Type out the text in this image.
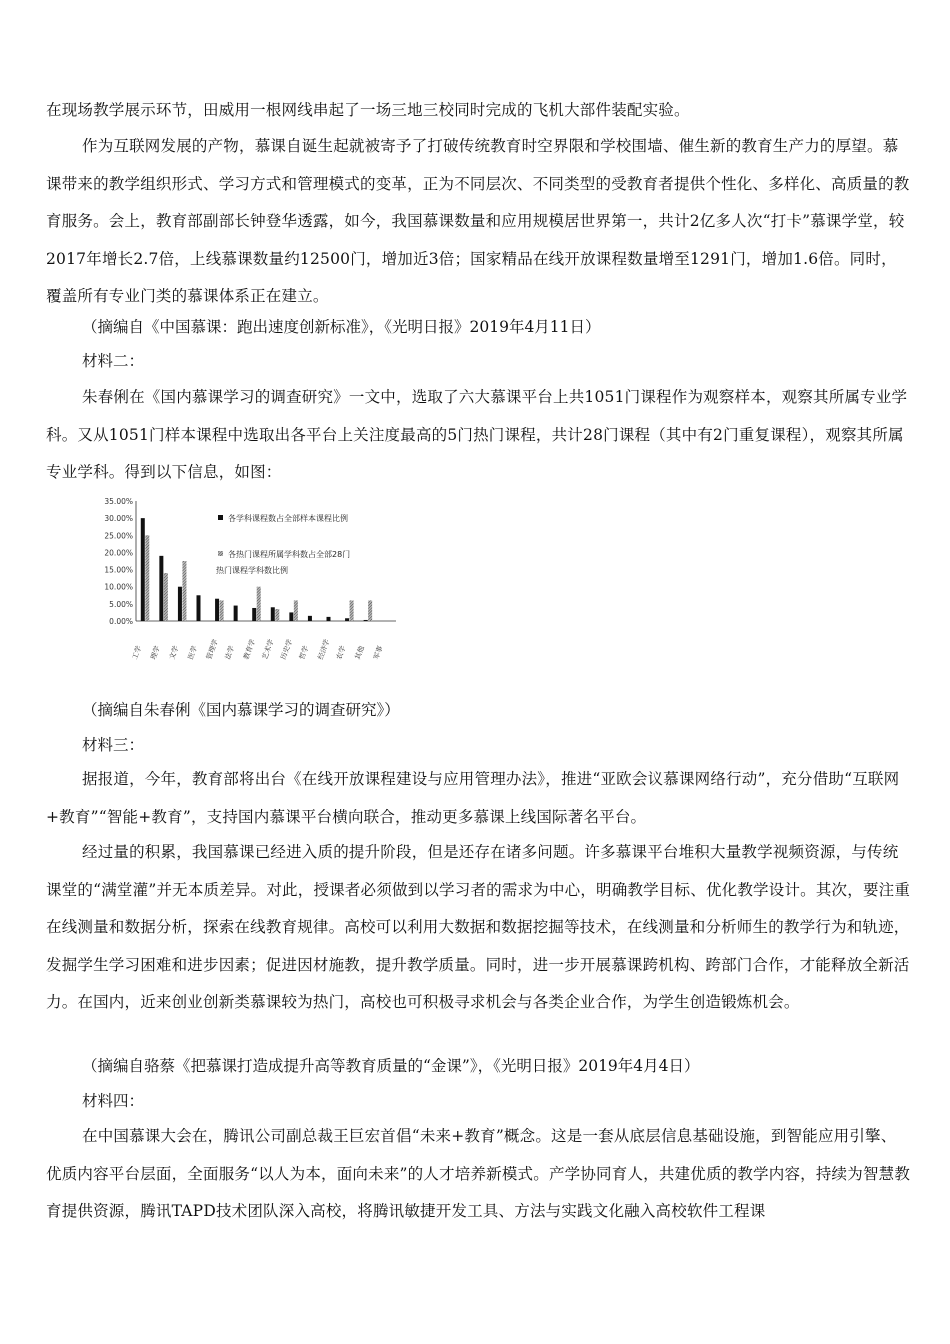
在现场教学展示环节，田威用一根网线串起了一场三地三校同时完成的飞机大部件装配实验。

作为互联网发展的产物，慕课自诞生起就被寄予了打破传统教育时空界限和学校围墙、催生新的教育生产力的厚望。慕课带来的教学组织形式、学习方式和管理模式的变革，正为不同层次、不同类型的受教育者提供个性化、多样化、高质量的教育服务。会上，教育部副部长钟登华透露，如今，我国慕课数量和应用规模居世界第一，共计2亿多人次“打卡”慕课学堂，较2017年增长2.7倍，上线慕课数量约12500门，增加近3倍；国家精品在线开放课程数量增至1291门，增加1.6倍。同时，覆盖所有专业门类的慕课体系正在建立。

（摘编自《中国慕课：跑出速度创新标准》，《光明日报》2019年4月11日）

材料二：

朱春俐在《国内慕课学习的调查研究》一文中，选取了六大慕课平台上共1051门课程作为观察样本，观察其所属专业学科。又从1051门样本课程中选取出各平台上关注度最高的5门热门课程，共计28门课程（其中有2门重复课程），观察其所属专业学科。得到以下信息，如图：

0.00%
5.00%
10.00%
15.00%
20.00%
25.00%
30.00%
35.00%
工学 理学 文学 医学 管理学 法学 教育学 艺术学 历史学 哲学 经济学 农学 其他 军事
各学科课程数占全部样本课程比例
各热门课程所属学科数占全部28门
热门课程学科数比例

（摘编自朱春俐《国内慕课学习的调查研究》）

材料三：

据报道，今年，教育部将出台《在线开放课程建设与应用管理办法》，推进“亚欧会议慕课网络行动”，充分借助“互联网+教育”“智能+教育”，支持国内慕课平台横向联合，推动更多慕课上线国际著名平台。

经过量的积累，我国慕课已经进入质的提升阶段，但是还存在诸多问题。许多慕课平台堆积大量教学视频资源，与传统课堂的“满堂灌”并无本质差异。对此，授课者必须做到以学习者的需求为中心，明确教学目标、优化教学设计。其次，要注重在线测量和数据分析，探索在线教育规律。高校可以利用大数据和数据挖掘等技术，在线测量和分析师生的教学行为和轨迹，发掘学生学习困难和进步因素；促进因材施教，提升教学质量。同时，进一步开展慕课跨机构、跨部门合作，才能释放全新活力。在国内，近来创业创新类慕课较为热门，高校也可积极寻求机会与各类企业合作，为学生创造锻炼机会。

（摘编自骆蔡《把慕课打造成提升高等教育质量的“金课”》，《光明日报》2019年4月4日）

材料四：

在中国慕课大会在，腾讯公司副总裁王巨宏首倡“未来+教育”概念。这是一套从底层信息基础设施，到智能应用引擎、优质内容平台层面，全面服务“以人为本，面向未来”的人才培养新模式。产学协同育人，共建优质的教学内容，持续为智慧教育提供资源，腾讯TAPD技术团队深入高校，将腾讯敏捷开发工具、方法与实践文化融入高校软件工程课
